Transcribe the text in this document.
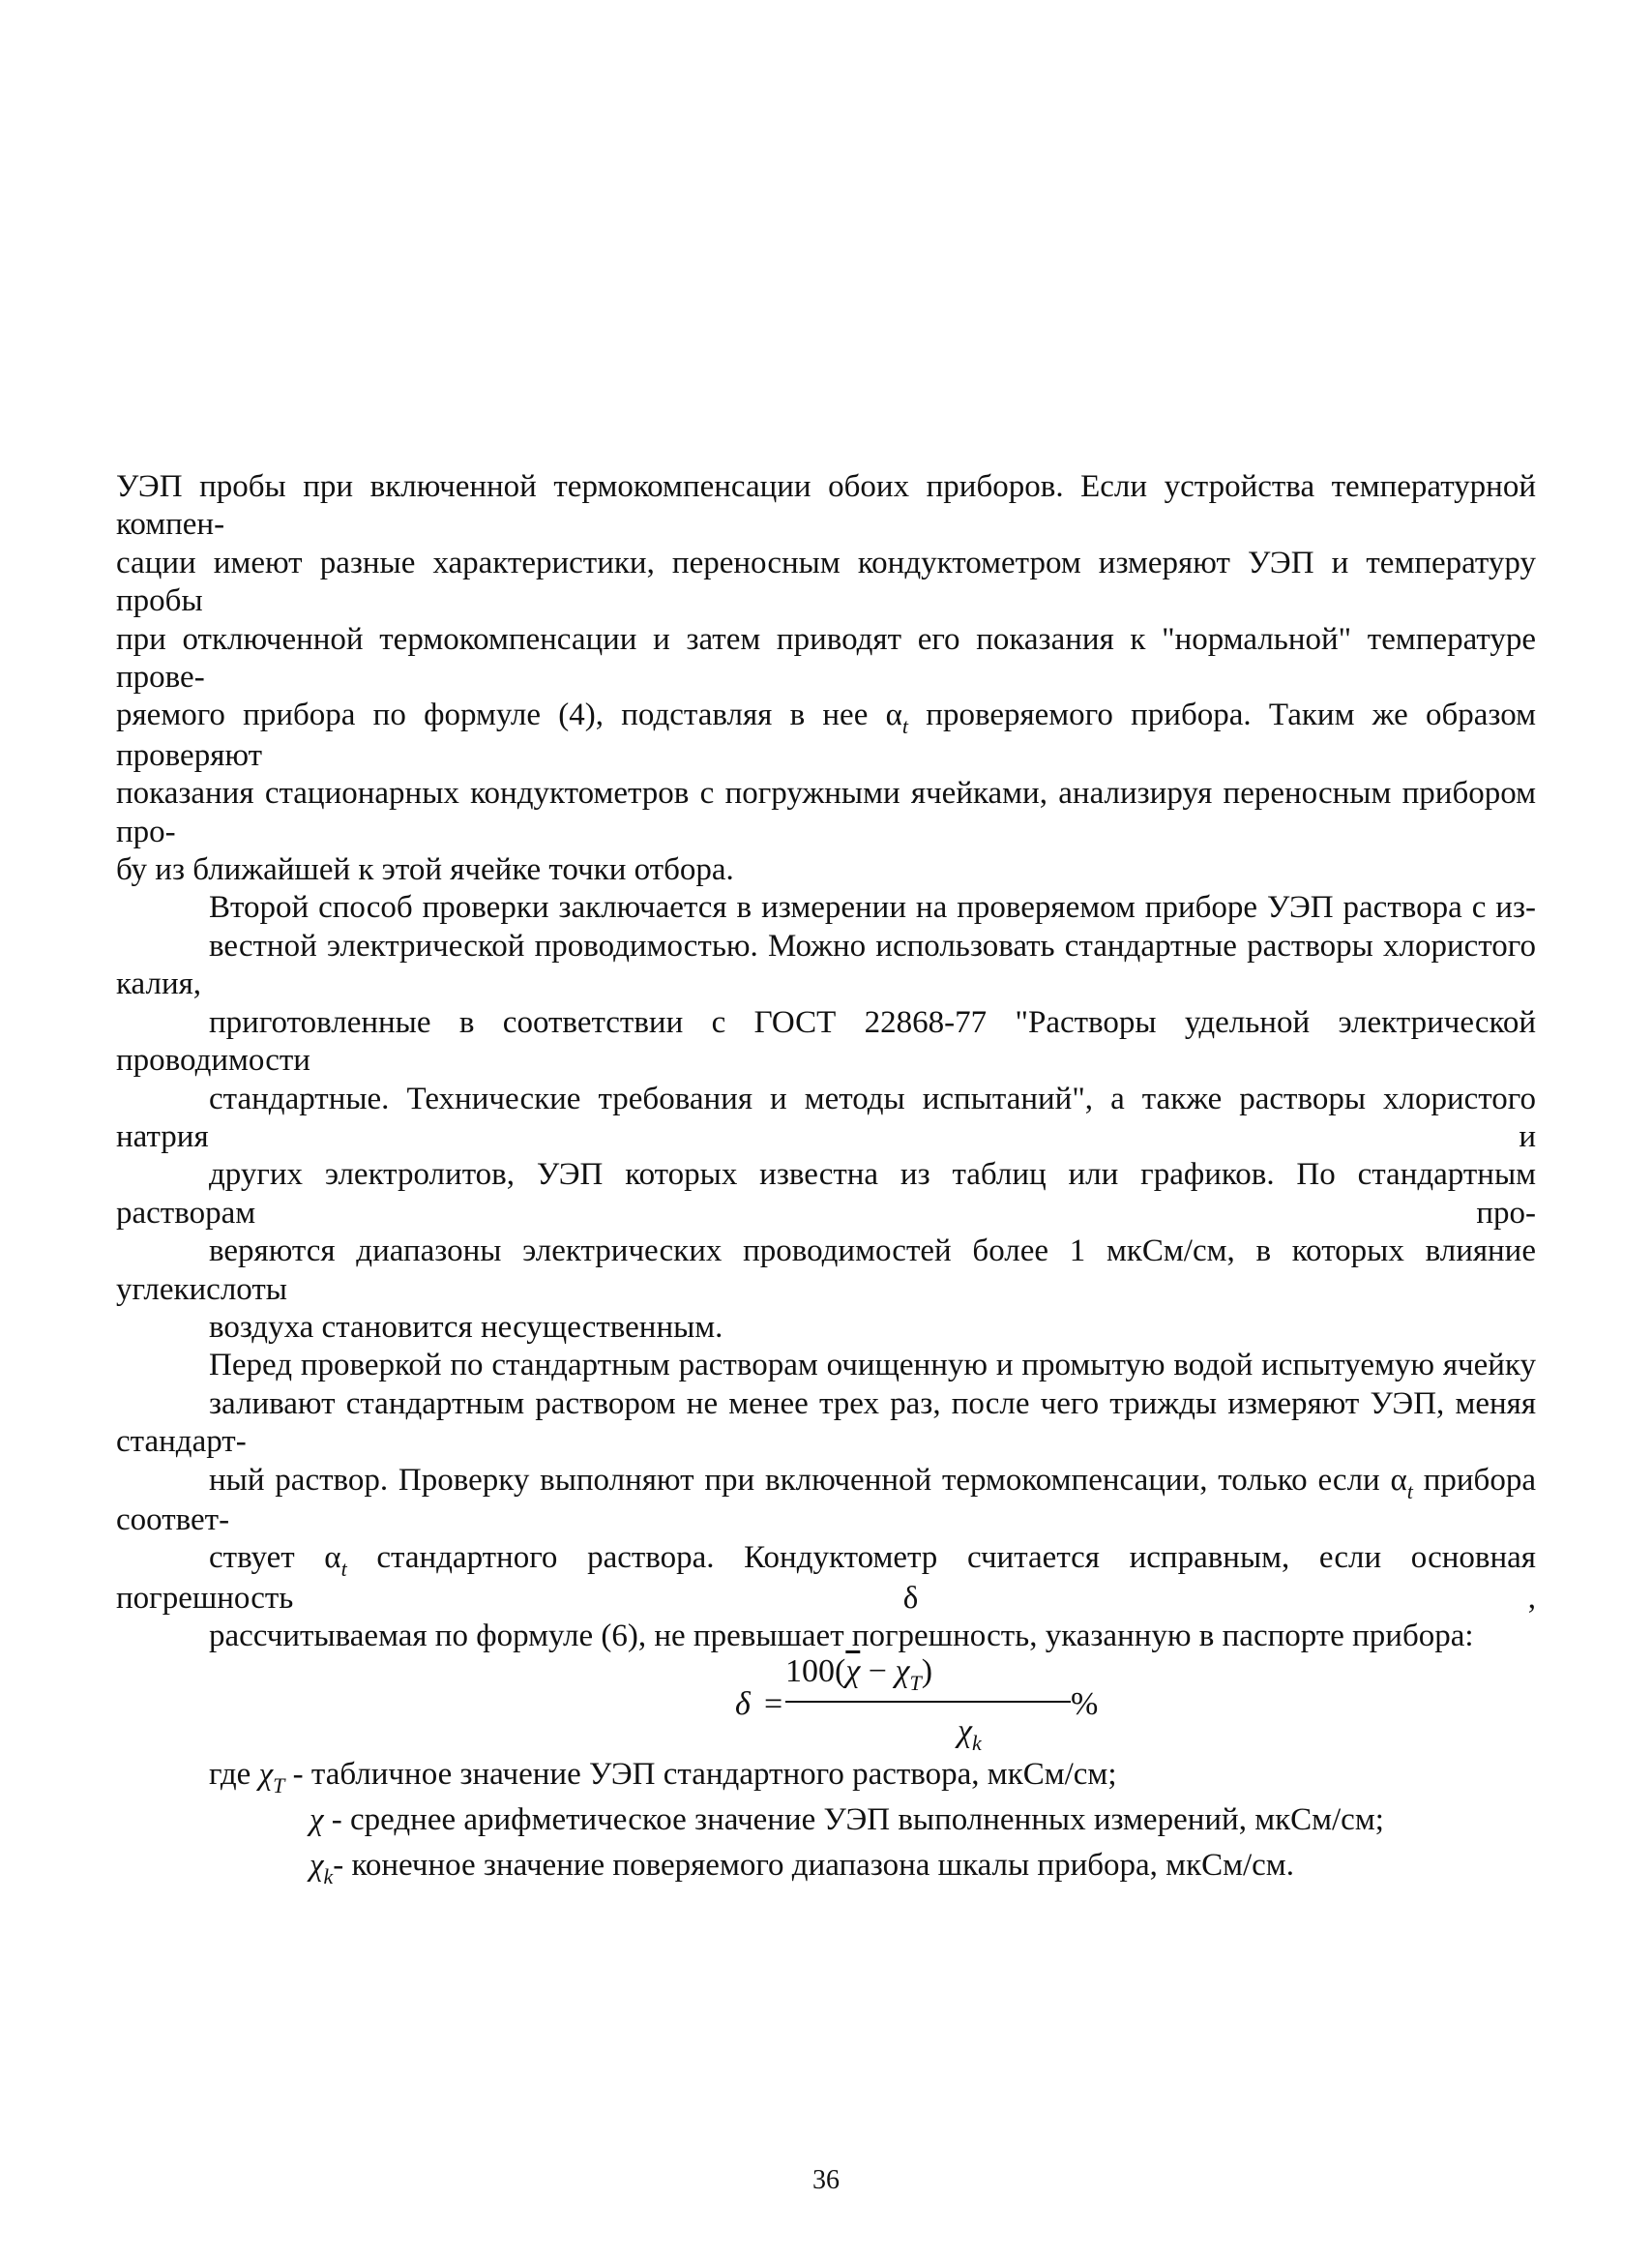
УЭП пробы при включенной термокомпенсации обоих приборов. Если устройства температурной компен-
сации имеют разные характеристики, переносным кондуктометром измеряют УЭП и температуру пробы
при отключенной термокомпенсации и затем приводят его показания к "нормальной" температуре прове-
ряемого прибора по формуле (4), подставляя в нее $\alpha_t$ проверяемого прибора. Таким же образом проверяют
показания стационарных кондуктометров с погружными ячейками, анализируя переносным прибором про-
бу из ближайшей к этой ячейке точки отбора.

Второй способ проверки заключается в измерении на проверяемом приборе УЭП раствора с из-
вестной электрической проводимостью. Можно использовать стандартные растворы хлористого калия,
приготовленные в соответствии с ГОСТ 22868-77 "Растворы удельной электрической проводимости
стандартные. Технические требования и методы испытаний", а также растворы хлористого натрия и
других электролитов, УЭП которых известна из таблиц или графиков. По стандартным растворам про-
веряются диапазоны электрических проводимостей более 1 мкСм/см, в которых влияние углекислоты
воздуха становится несущественным.

Перед проверкой по стандартным растворам очищенную и промытую водой испытуемую ячейку
заливают стандартным раствором не менее трех раз, после чего трижды измеряют УЭП, меняя стандарт-
ный раствор. Проверку выполняют при включенной термокомпенсации, только если $\alpha_t$ прибора соответ-
ствует $\alpha_t$ стандартного раствора. Кондуктометр считается исправным, если основная погрешность δ ,
рассчитываемая по формуле (6), не превышает погрешность, указанную в паспорте прибора:

δ =
$100(\overline{\chi} - \chi_T)$
%
$\chi_k$

где $\chi_T$ - табличное значение УЭП стандартного раствора, мкСм/см;

χ - среднее арифметическое значение УЭП выполненных измерений, мкСм/см;

$\chi_k-$ конечное значение поверяемого диапазона шкалы прибора, мкСм/см.

36
